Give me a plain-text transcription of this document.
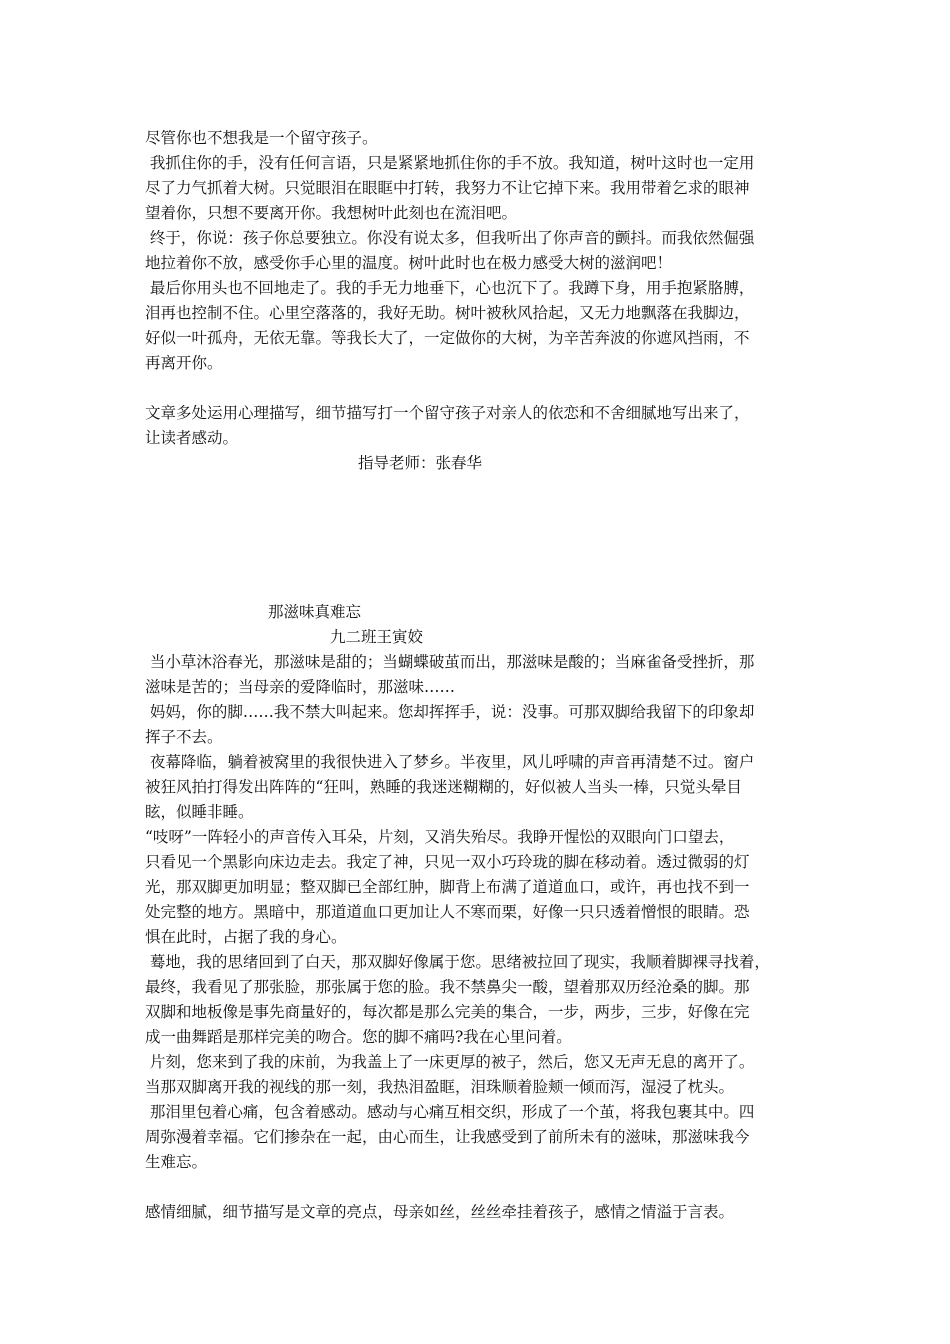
尽管你也不想我是一个留守孩子。
我抓住你的手，没有任何言语，只是紧紧地抓住你的手不放。我知道，树叶这时也一定用
尽了力气抓着大树。只觉眼泪在眼眶中打转，我努力不让它掉下来。我用带着乞求的眼神
望着你，只想不要离开你。我想树叶此刻也在流泪吧。
终于，你说：孩子你总要独立。你没有说太多，但我听出了你声音的颤抖。而我依然倔强
地拉着你不放，感受你手心里的温度。树叶此时也在极力感受大树的滋润吧！
最后你用头也不回地走了。我的手无力地垂下，心也沉下了。我蹲下身，用手抱紧胳膊，
泪再也控制不住。心里空落落的，我好无助。树叶被秋风拾起，又无力地飘落在我脚边，
好似一叶孤舟，无依无靠。等我长大了，一定做你的大树，为辛苦奔波的你遮风挡雨，不
再离开你。
文章多处运用心理描写，细节描写打一个留守孩子对亲人的依恋和不舍细腻地写出来了，
让读者感动。
指导老师：张春华
那滋味真难忘
九二班王寅姣
当小草沐浴春光，那滋味是甜的；当蝴蝶破茧而出，那滋味是酸的；当麻雀备受挫折，那
滋味是苦的；当母亲的爱降临时，那滋味……
妈妈，你的脚……我不禁大叫起来。您却挥挥手，说：没事。可那双脚给我留下的印象却
挥子不去。
夜幕降临，躺着被窝里的我很快进入了梦乡。半夜里，风儿呼啸的声音再清楚不过。窗户
被狂风拍打得发出阵阵的“狂叫，熟睡的我迷迷糊糊的，好似被人当头一棒，只觉头晕目
眩，似睡非睡。
“吱呀”一阵轻小的声音传入耳朵，片刻，又消失殆尽。我睁开惺忪的双眼向门口望去，
只看见一个黑影向床边走去。我定了神，只见一双小巧玲珑的脚在移动着。透过微弱的灯
光，那双脚更加明显；整双脚已全部红肿，脚背上布满了道道血口，或许，再也找不到一
处完整的地方。黑暗中，那道道血口更加让人不寒而栗，好像一只只透着憎恨的眼睛。恐
惧在此时，占据了我的身心。
蓦地，我的思绪回到了白天，那双脚好像属于您。思绪被拉回了现实，我顺着脚裸寻找着，
最终，我看见了那张脸，那张属于您的脸。我不禁鼻尖一酸，望着那双历经沧桑的脚。那
双脚和地板像是事先商量好的，每次都是那么完美的集合，一步，两步，三步，好像在完
成一曲舞蹈是那样完美的吻合。您的脚不痛吗?我在心里问着。
片刻，您来到了我的床前，为我盖上了一床更厚的被子，然后，您又无声无息的离开了。
当那双脚离开我的视线的那一刻，我热泪盈眶，泪珠顺着脸颊一倾而泻，湿浸了枕头。
那泪里包着心痛，包含着感动。感动与心痛互相交织，形成了一个茧，将我包裹其中。四
周弥漫着幸福。它们掺杂在一起，由心而生，让我感受到了前所未有的滋味，那滋味我今
生难忘。
感情细腻，细节描写是文章的亮点，母亲如丝，丝丝牵挂着孩子，感情之情溢于言表。
